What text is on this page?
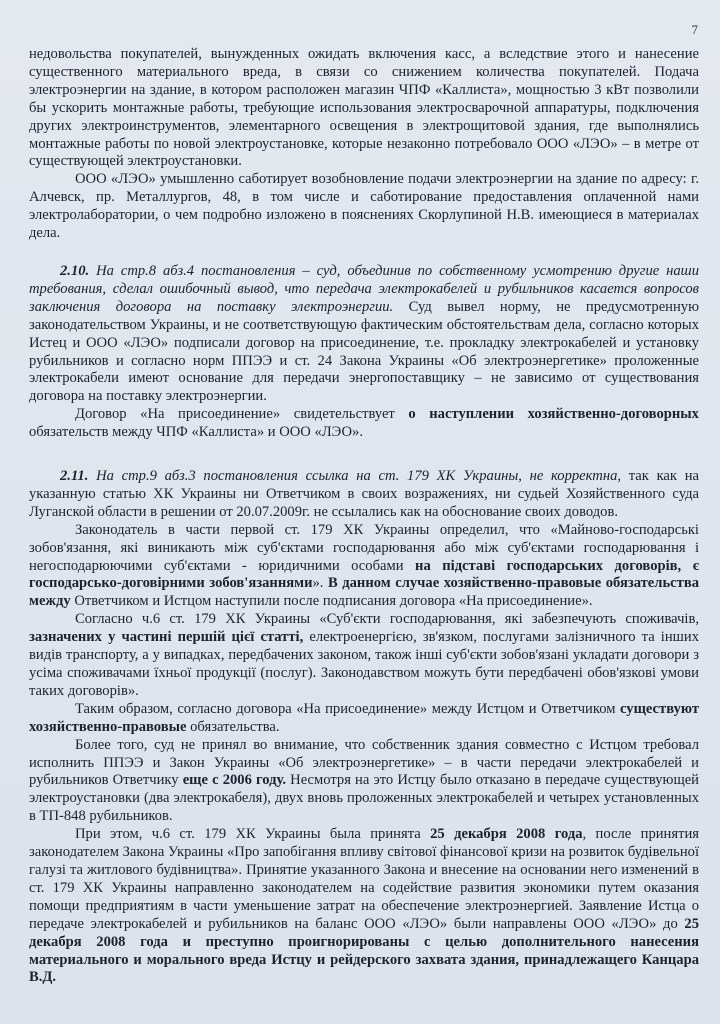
7

недовольства покупателей, вынужденных ожидать включения касс, а вследствие этого и нанесение существенного материального вреда, в связи со снижением количества покупателей. Подача электроэнергии на здание, в котором расположен магазин ЧПФ «Каллиста», мощностью 3 кВт позволили бы ускорить монтажные работы, требующие использования электросварочной аппаратуры, подключения других электроинструментов, элементарного освещения в электрощитовой здания, где выполнялись монтажные работы по новой электроустановке, которые незаконно потребовало ООО «ЛЭО» – в метре от существующей электроустановки.

ООО «ЛЭО» умышленно саботирует возобновление подачи электроэнергии на здание по адресу: г. Алчевск, пр. Металлургов, 48, в том числе и саботирование предоставления оплаченной нами электролаборатории, о чем подробно изложено в пояснениях Скорлупиной Н.В. имеющиеся в материалах дела.

2.10. На стр.8 абз.4 постановления – суд, объединив по собственному усмотрению другие наши требования, сделал ошибочный вывод, что передача электрокабелей и рубильников касается вопросов заключения договора на поставку электроэнергии. Суд вывел норму, не предусмотренную законодательством Украины, и не соответствующую фактическим обстоятельствам дела, согласно которых Истец и ООО «ЛЭО» подписали договор на присоединение, т.е. прокладку электрокабелей и установку рубильников и согласно норм ППЭЭ и ст. 24 Закона Украины «Об электроэнергетике» проложенные электрокабели имеют основание для передачи энергопоставщику – не зависимо от существования договора на поставку электроэнергии.

Договор «На присоединение» свидетельствует о наступлении хозяйственно-договорных обязательств между ЧПФ «Каллиста» и ООО «ЛЭО».

2.11. На стр.9 абз.3 постановления ссылка на ст. 179 ХК Украины, не корректна, так как на указанную статью ХК Украины ни Ответчиком в своих возражениях, ни судьей Хозяйственного суда Луганской области в решении от 20.07.2009г. не ссылались как на обоснование своих доводов.

Законодатель в части первой ст. 179 ХК Украины определил, что «Майново-господарські зобов'язання, які виникають між суб'єктами господарювання або між суб'єктами господарювання і негосподарюючими суб'єктами - юридичними особами на підставі господарських договорів, є господарсько-договірними зобов'язаннями». В данном случае хозяйственно-правовые обязательства между Ответчиком и Истцом наступили после подписания договора «На присоединение».

Согласно ч.6 ст. 179 ХК Украины «Суб'єкти господарювання, які забезпечують споживачів, зазначених у частині першій цієї статті, електроенергією, зв'язком, послугами залізничного та інших видів транспорту, а у випадках, передбачених законом, також інші суб'єкти зобов'язані укладати договори з усіма споживачами їхньої продукції (послуг). Законодавством можуть бути передбачені обов'язкові умови таких договорів».

Таким образом, согласно договора «На присоединение» между Истцом и Ответчиком существуют хозяйственно-правовые обязательства.

Более того, суд не принял во внимание, что собственник здания совместно с Истцом требовал исполнить ППЭЭ и Закон Украины «Об электроэнергетике» – в части передачи электрокабелей и рубильников Ответчику еще с 2006 году. Несмотря на это Истцу было отказано в передаче существующей электроустановки (два электрокабеля), двух вновь проложенных электрокабелей и четырех установленных в ТП-848 рубильников.

При этом, ч.6 ст. 179 ХК Украины была принята 25 декабря 2008 года, после принятия законодателем Закона Украины «Про запобігання впливу світової фінансової кризи на розвиток будівельної галузі та житлового будівництва». Принятие указанного Закона и внесение на основании него изменений в ст. 179 ХК Украины направленно законодателем на содействие развития экономики путем оказания помощи предприятиям в части уменьшение затрат на обеспечение электроэнергией. Заявление Истца о передаче электрокабелей и рубильников на баланс ООО «ЛЭО» были направлены ООО «ЛЭО» до 25 декабря 2008 года и преступно проигнорированы с целью дополнительного нанесения материального и морального вреда Истцу и рейдерского захвата здания, принадлежащего Канцара В.Д.
